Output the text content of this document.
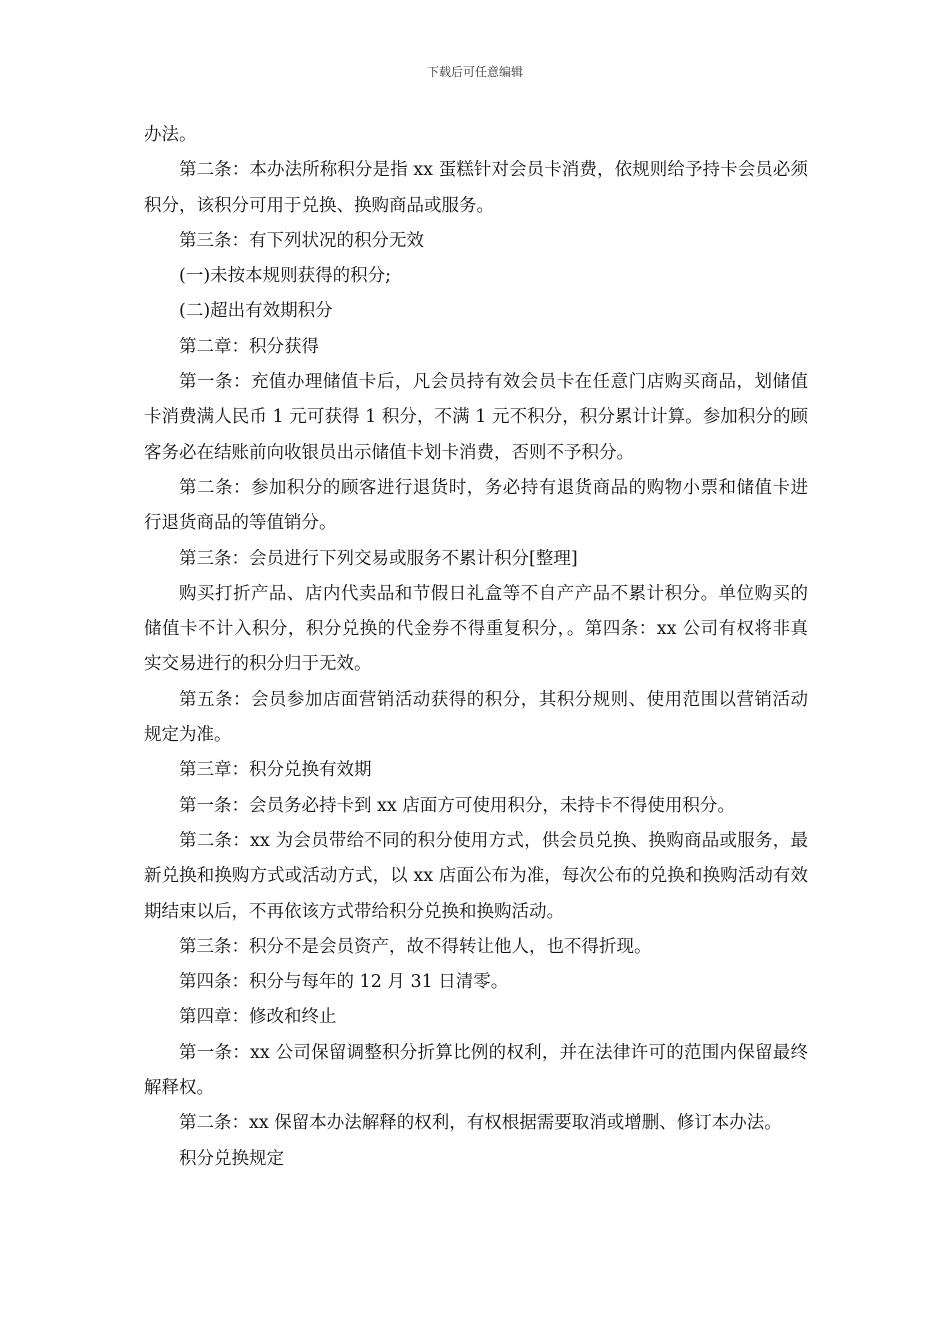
下载后可任意编辑

办法。

第二条：本办法所称积分是指 xx 蛋糕针对会员卡消费，依规则给予持卡会员必须积分，该积分可用于兑换、换购商品或服务。

第三条：有下列状况的积分无效

(一)未按本规则获得的积分;

(二)超出有效期积分

第二章：积分获得

第一条：充值办理储值卡后，凡会员持有效会员卡在任意门店购买商品，划储值卡消费满人民币 1 元可获得 1 积分，不满 1 元不积分，积分累计计算。参加积分的顾客务必在结账前向收银员出示储值卡划卡消费，否则不予积分。

第二条：参加积分的顾客进行退货时，务必持有退货商品的购物小票和储值卡进行退货商品的等值销分。

第三条：会员进行下列交易或服务不累计积分[整理]

购买打折产品、店内代卖品和节假日礼盒等不自产产品不累计积分。单位购买的储值卡不计入积分，积分兑换的代金券不得重复积分，。第四条：xx 公司有权将非真实交易进行的积分归于无效。

第五条：会员参加店面营销活动获得的积分，其积分规则、使用范围以营销活动规定为准。

第三章：积分兑换有效期

第一条：会员务必持卡到 xx 店面方可使用积分，未持卡不得使用积分。

第二条：xx 为会员带给不同的积分使用方式，供会员兑换、换购商品或服务，最新兑换和换购方式或活动方式，以 xx 店面公布为准，每次公布的兑换和换购活动有效期结束以后，不再依该方式带给积分兑换和换购活动。

第三条：积分不是会员资产，故不得转让他人，也不得折现。

第四条：积分与每年的 12 月 31 日清零。

第四章：修改和终止

第一条：xx 公司保留调整积分折算比例的权利，并在法律许可的范围内保留最终解释权。

第二条：xx 保留本办法解释的权利，有权根据需要取消或增删、修订本办法。

积分兑换规定
